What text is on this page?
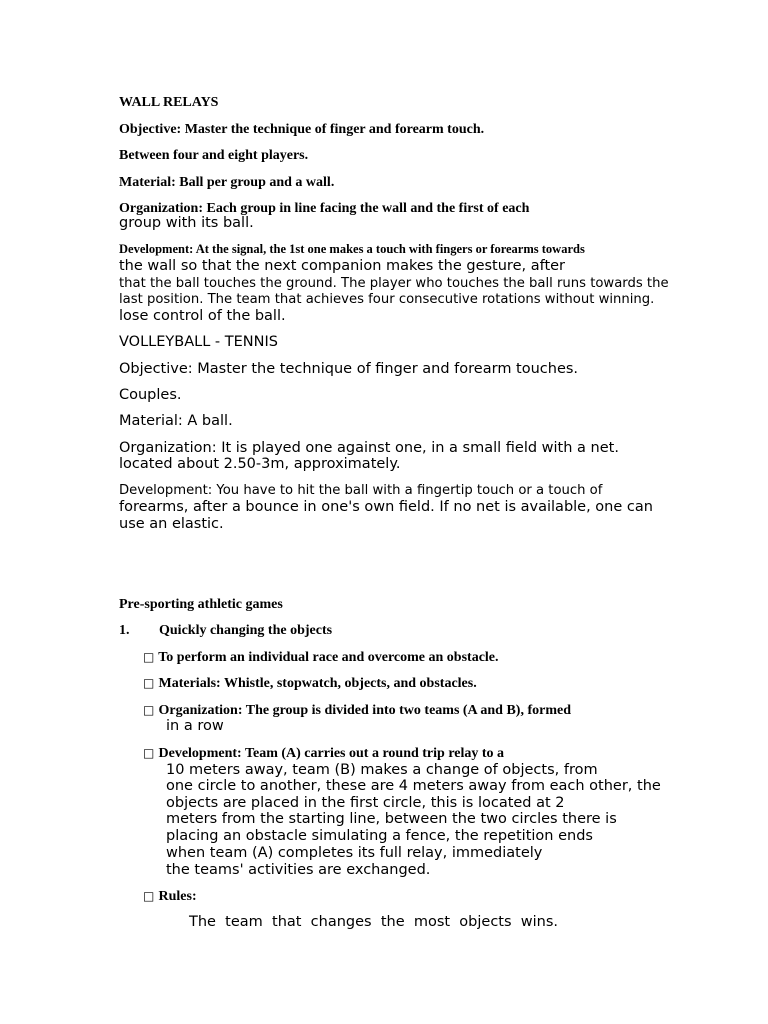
WALL RELAYS
Objective: Master the technique of finger and forearm touch.
Between four and eight players.
Material: Ball per group and a wall.
Organization: Each group in line facing the wall and the first of each
group with its ball.
Development: At the signal, the 1st one makes a touch with fingers or forearms towards
the wall so that the next companion makes the gesture, after
that the ball touches the ground. The player who touches the ball runs towards the
last position. The team that achieves four consecutive rotations without winning.
lose control of the ball.
VOLLEYBALL - TENNIS
Objective: Master the technique of finger and forearm touches.
Couples.
Material: A ball.
Organization: It is played one against one, in a small field with a net.
located about 2.50-3m, approximately.
Development: You have to hit the ball with a fingertip touch or a touch of
forearms, after a bounce in one's own field. If no net is available, one can
use an elastic.
Pre-sporting athletic games
1. Quickly changing the objects
□ To perform an individual race and overcome an obstacle.
□ Materials: Whistle, stopwatch, objects, and obstacles.
□ Organization: The group is divided into two teams (A and B), formed
in a row
□ Development: Team (A) carries out a round trip relay to a
10 meters away, team (B) makes a change of objects, from
one circle to another, these are 4 meters away from each other, the
objects are placed in the first circle, this is located at 2
meters from the starting line, between the two circles there is
placing an obstacle simulating a fence, the repetition ends
when team (A) completes its full relay, immediately
the teams' activities are exchanged.
□ Rules:
The  team  that  changes  the  most  objects  wins.
